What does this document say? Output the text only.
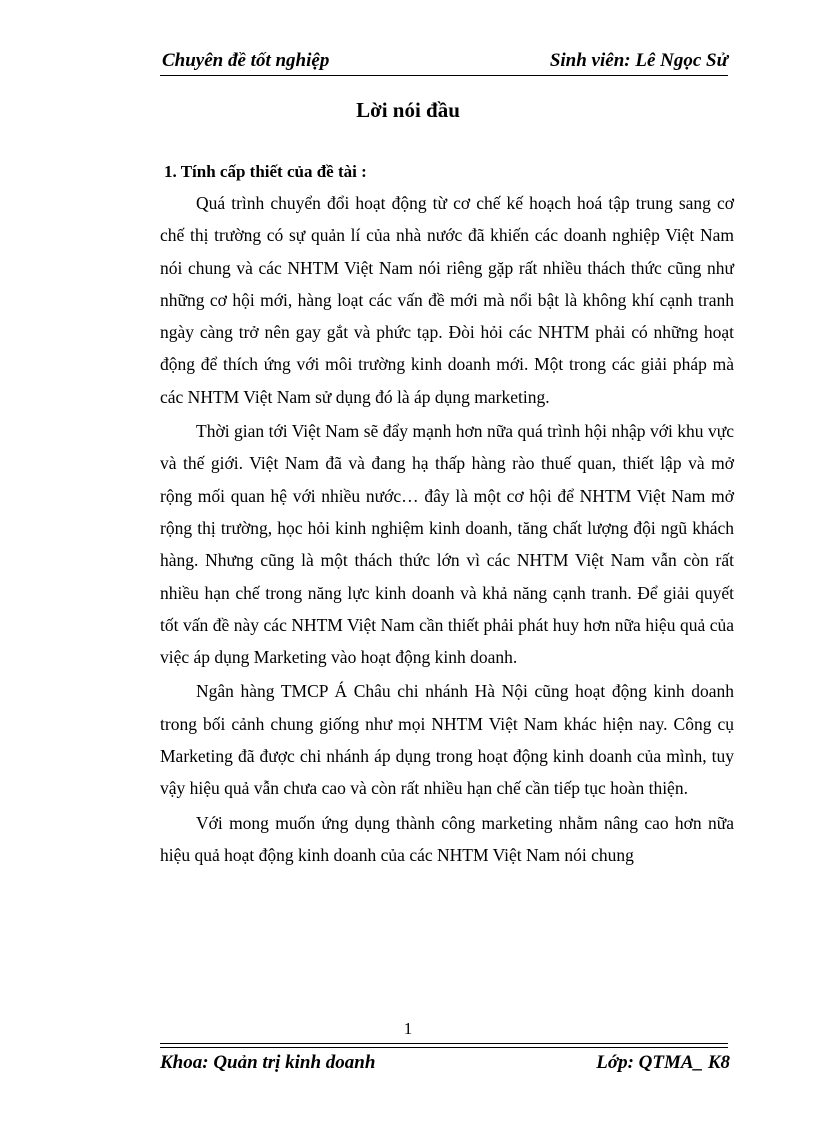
Chuyên đề tốt nghiệp	Sinh viên: Lê Ngọc Sử
Lời nói đầu
1. Tính cấp thiết của đề tài :

Quá trình chuyển đổi hoạt động từ cơ chế kế hoạch hoá tập trung sang cơ chế thị trường có sự quản lí của nhà nước đã khiến các doanh nghiệp Việt Nam nói chung và các NHTM Việt Nam nói riêng gặp rất nhiều thách thức cũng như những cơ hội mới, hàng loạt các vấn đề mới mà nổi bật là không khí cạnh tranh ngày càng trở nên gay gắt và phức tạp. Đòi hỏi các NHTM phải có những hoạt động để thích ứng với môi trường kinh doanh mới. Một trong các giải pháp mà các NHTM Việt Nam sử dụng đó là áp dụng marketing.

Thời gian tới Việt Nam sẽ đẩy mạnh hơn nữa quá trình hội nhập với khu vực và thế giới. Việt Nam đã và đang hạ thấp hàng rào thuế quan, thiết lập và mở rộng mối quan hệ với nhiều nước… đây là một cơ hội để NHTM Việt Nam mở rộng thị trường, học hỏi kinh nghiệm kinh doanh, tăng chất lượng đội ngũ khách hàng. Nhưng cũng là một thách thức lớn vì các NHTM Việt Nam vẫn còn rất nhiều hạn chế trong năng lực kinh doanh và khả năng cạnh tranh. Để giải quyết tốt vấn đề này các NHTM Việt Nam cần thiết phải phát huy hơn nữa hiệu quả của việc áp dụng Marketing vào hoạt động kinh doanh.

Ngân hàng TMCP Á Châu chi nhánh Hà Nội cũng hoạt động kinh doanh trong bối cảnh chung giống như mọi NHTM Việt Nam khác hiện nay. Công cụ Marketing đã được chi nhánh áp dụng trong hoạt động kinh doanh của mình, tuy vậy hiệu quả vẫn chưa cao và còn rất nhiều hạn chế cần tiếp tục hoàn thiện.

Với mong muốn ứng dụng thành công marketing nhằm nâng cao hơn nữa hiệu quả hoạt động kinh doanh của các NHTM Việt Nam nói chung

1
Khoa: Quản trị kinh doanh	Lớp: QTMA_ K8
